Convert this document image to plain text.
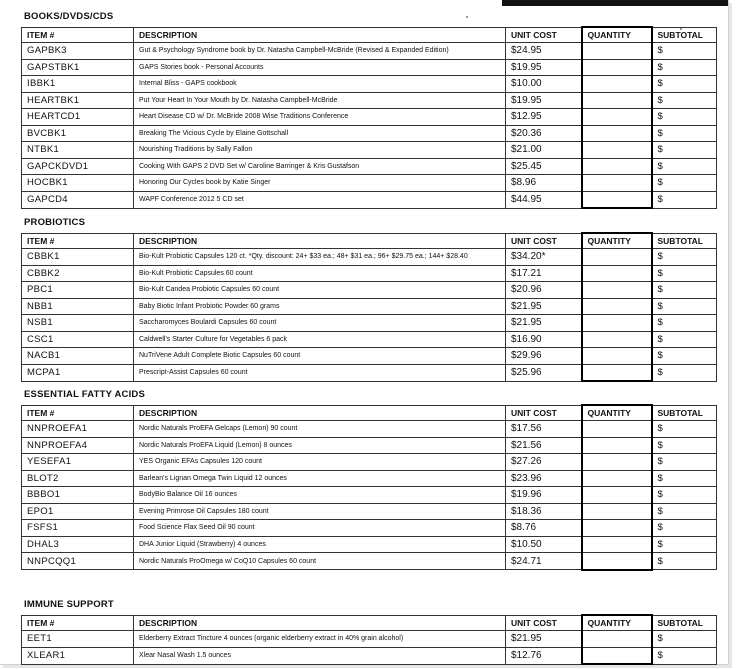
BOOKS/DVDS/CDS
ITEM #	DESCRIPTION	UNIT COST	QUANTITY	SUBTOTAL
GAPBK3	Gut & Psychology Syndrome book by Dr. Natasha Campbell-McBride (Revised & Expanded Edition)	$24.95		$
GAPSTBK1	GAPS Stories book - Personal Accounts	$19.95		$
IBBK1	Internal Bliss - GAPS cookbook	$10.00		$
HEARTBK1	Put Your Heart In Your Mouth by Dr. Natasha Campbell-McBride	$19.95		$
HEARTCD1	Heart Disease CD w/ Dr. McBride 2008 Wise Traditions Conference	$12.95		$
BVCBK1	Breaking The Vicious Cycle by Elaine Gottschall	$20.36		$
NTBK1	Nourishing Traditions by Sally Fallon	$21.00		$
GAPCKDVD1	Cooking With GAPS 2 DVD Set w/ Caroline Barringer & Kris Gustafson	$25.45		$
HOCBK1	Honoring Our Cycles book by Katie Singer	$8.96		$
GAPCD4	WAPF Conference 2012 5 CD set	$44.95		$
PROBIOTICS
ITEM #	DESCRIPTION	UNIT COST	QUANTITY	SUBTOTAL
CBBK1	Bio-Kult Probiotic Capsules 120 ct. *Qty. discount: 24+ $33 ea.; 48+ $31 ea.; 96+ $29.75 ea.; 144+ $28.40	$34.20*		$
CBBK2	Bio-Kult Probiotic Capsules 60 count	$17.21		$
PBC1	Bio-Kult Candea Probiotic Capsules 60 count	$20.96		$
NBB1	Baby Biotic Infant Probiotic Powder 60 grams	$21.95		$
NSB1	Saccharomyces Boulardi Capsules 60 count	$21.95		$
CSC1	Caldwell's Starter Culture for Vegetables 6 pack	$16.90		$
NACB1	NuTriVene Adult Complete Biotic Capsules 60 count	$29.96		$
MCPA1	Prescript-Assist Capsules 60 count	$25.96		$
ESSENTIAL FATTY ACIDS
ITEM #	DESCRIPTION	UNIT COST	QUANTITY	SUBTOTAL
NNPROEFA1	Nordic Naturals ProEFA Gelcaps (Lemon) 90 count	$17.56		$
NNPROEFA4	Nordic Naturals ProEFA Liquid (Lemon) 8 ounces	$21.56		$
YESEFA1	YES Organic EFAs Capsules 120 count	$27.26		$
BLOT2	Barlean's Lignan Omega Twin Liquid 12 ounces	$23.96		$
BBBO1	BodyBio Balance Oil 16 ounces	$19.96		$
EPO1	Evening Primrose Oil Capsules 180 count	$18.36		$
FSFS1	Food Science Flax Seed Oil 90 count	$8.76		$
DHAL3	DHA Junior Liquid (Strawberry) 4 ounces	$10.50		$
NNPCQQ1	Nordic Naturals ProOmega w/ CoQ10 Capsules 60 count	$24.71		$
IMMUNE SUPPORT
ITEM #	DESCRIPTION	UNIT COST	QUANTITY	SUBTOTAL
EET1	Elderberry Extract Tincture 4 ounces (organic elderberry extract in 40% grain alcohol)	$21.95		$
XLEAR1	Xlear Nasal Wash 1.5 ounces	$12.76		$
